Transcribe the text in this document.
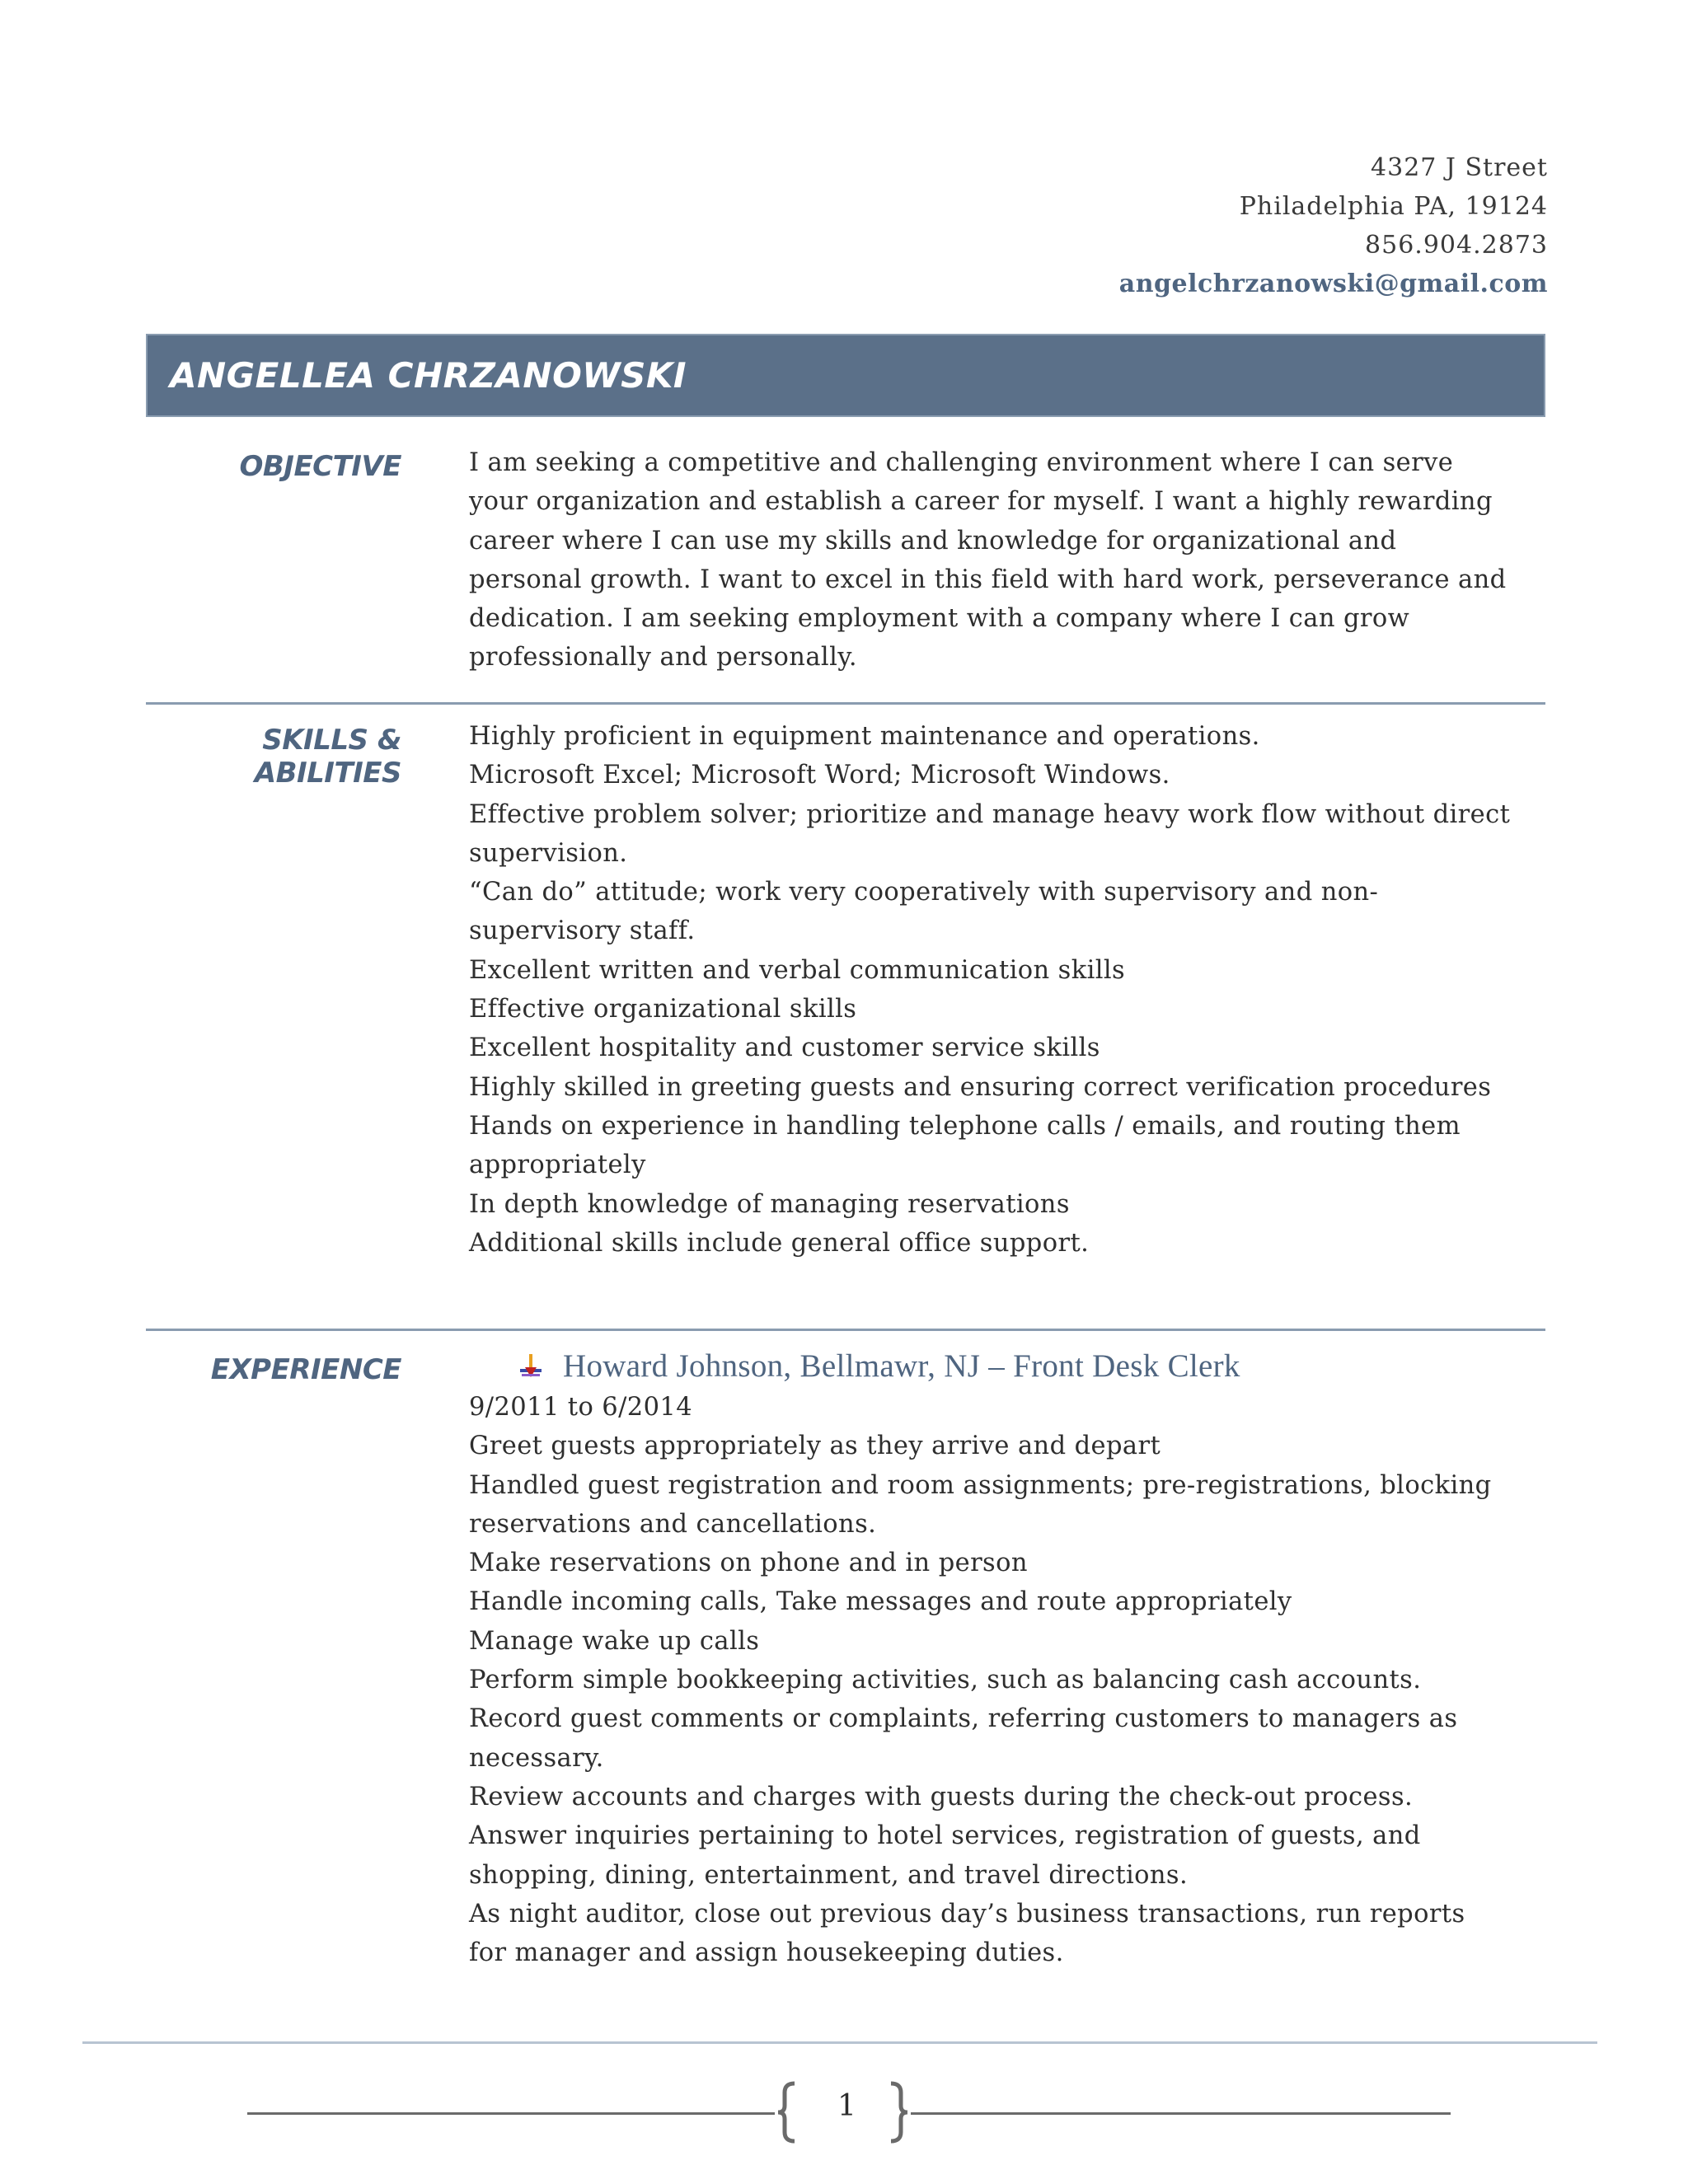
4327 J Street
Philadelphia PA, 19124
856.904.2873
angelchrzanowski@gmail.com
ANGELLEA CHRZANOWSKI
OBJECTIVE	I am seeking a competitive and challenging environment where I can serve
your organization and establish a career for myself. I want a highly rewarding
career where I can use my skills and knowledge for organizational and
personal growth. I want to excel in this field with hard work, perseverance and
dedication. I am seeking employment with a company where I can grow
professionally and personally.
SKILLS & ABILITIES
Highly proficient in equipment maintenance and operations.
Microsoft Excel; Microsoft Word; Microsoft Windows.
Effective problem solver; prioritize and manage heavy work flow without direct
supervision.
“Can do” attitude; work very cooperatively with supervisory and non-
supervisory staff.
Excellent written and verbal communication skills
Effective organizational skills
Excellent hospitality and customer service skills
Highly skilled in greeting guests and ensuring correct verification procedures
Hands on experience in handling telephone calls / emails, and routing them
appropriately
In depth knowledge of managing reservations
Additional skills include general office support.
EXPERIENCE	Howard Johnson, Bellmawr, NJ – Front Desk Clerk
9/2011 to 6/2014
Greet guests appropriately as they arrive and depart
Handled guest registration and room assignments; pre-registrations, blocking
reservations and cancellations.
Make reservations on phone and in person
Handle incoming calls, Take messages and route appropriately
Manage wake up calls
Perform simple bookkeeping activities, such as balancing cash accounts.
Record guest comments or complaints, referring customers to managers as
necessary.
Review accounts and charges with guests during the check-out process.
Answer inquiries pertaining to hotel services, registration of guests, and
shopping, dining, entertainment, and travel directions.
As night auditor, close out previous day’s business transactions, run reports
for manager and assign housekeeping duties.
1
